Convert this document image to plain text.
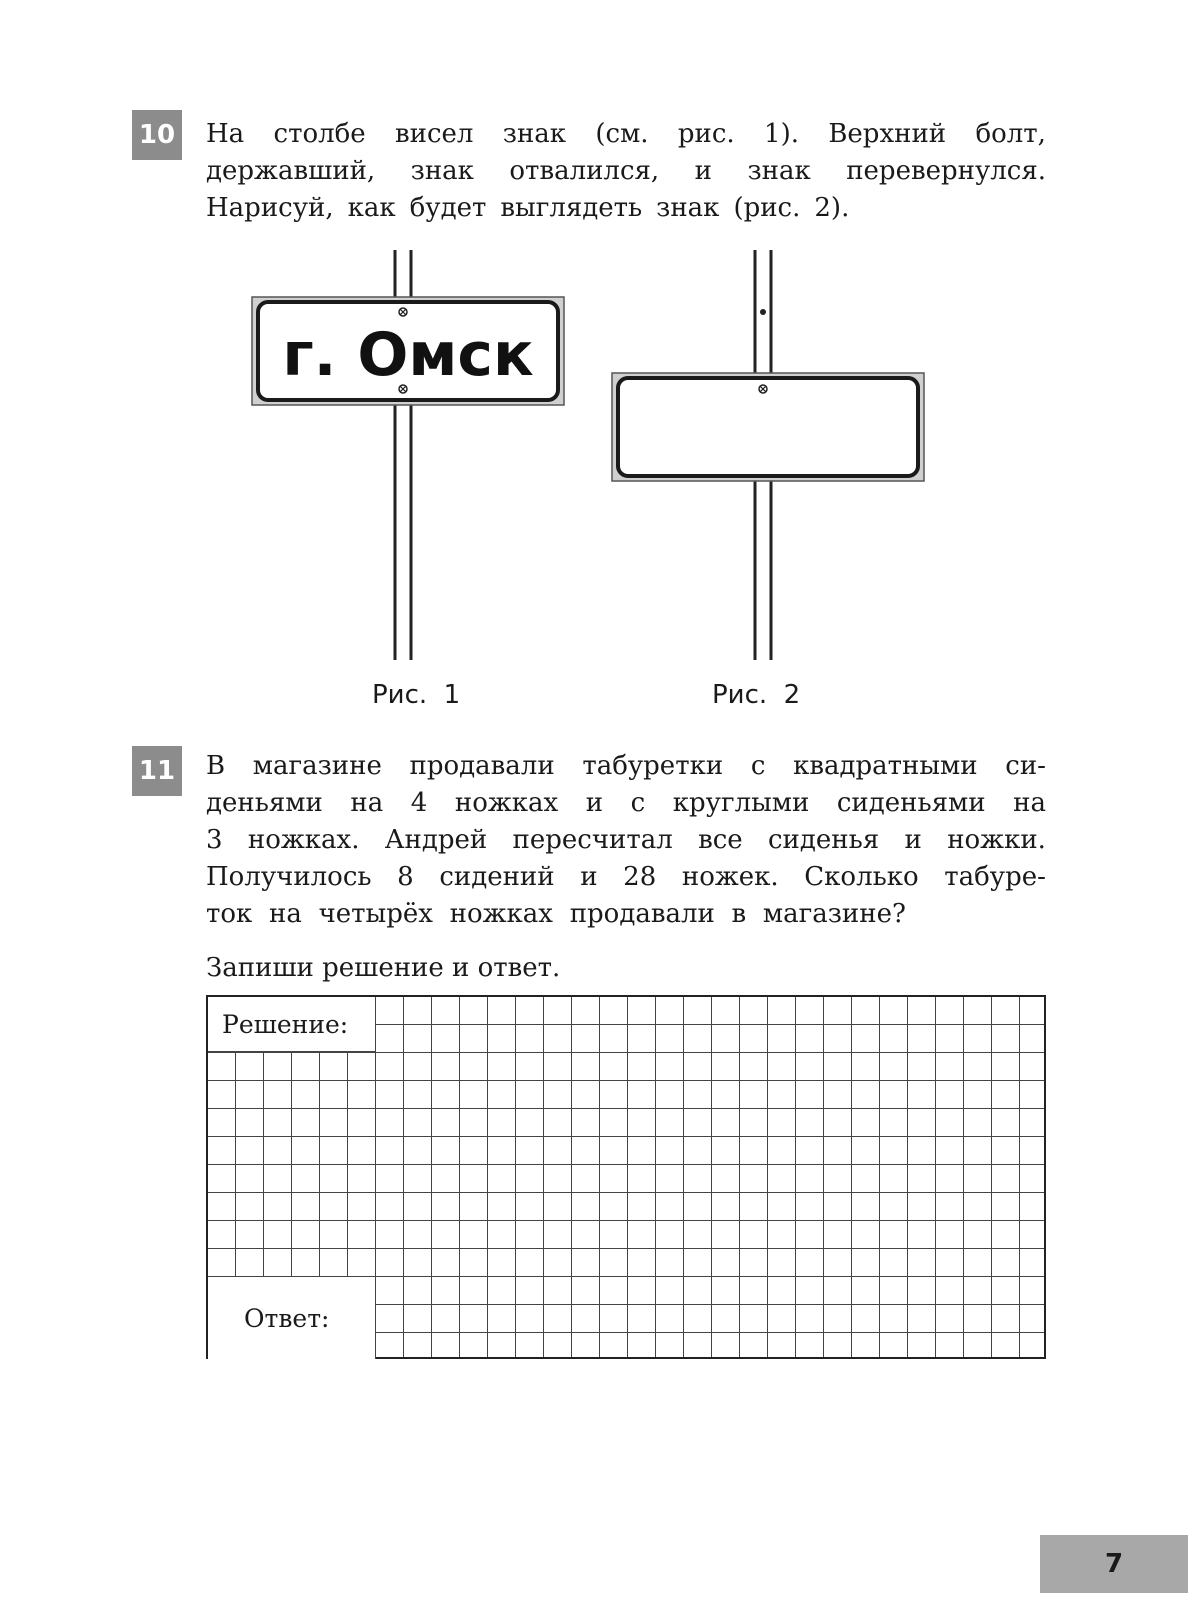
10 На столбе висел знак (см. рис. 1). Верхний болт,
державший, знак отвалился, и знак перевернулся.
Нарисуй, как будет выглядеть знак (рис. 2).
г. Омск
Рис.  1	Рис.  2
11 В магазине продавали табуретки с квадратными си-
деньями на 4 ножках и с круглыми сиденьями на
3 ножках. Андрей пересчитал все сиденья и ножки.
Получилось 8 сидений и 28 ножек. Сколько табуре-
ток на четырёх ножках продавали в магазине?
Запиши решение и ответ.
Решение:
Ответ:
7
